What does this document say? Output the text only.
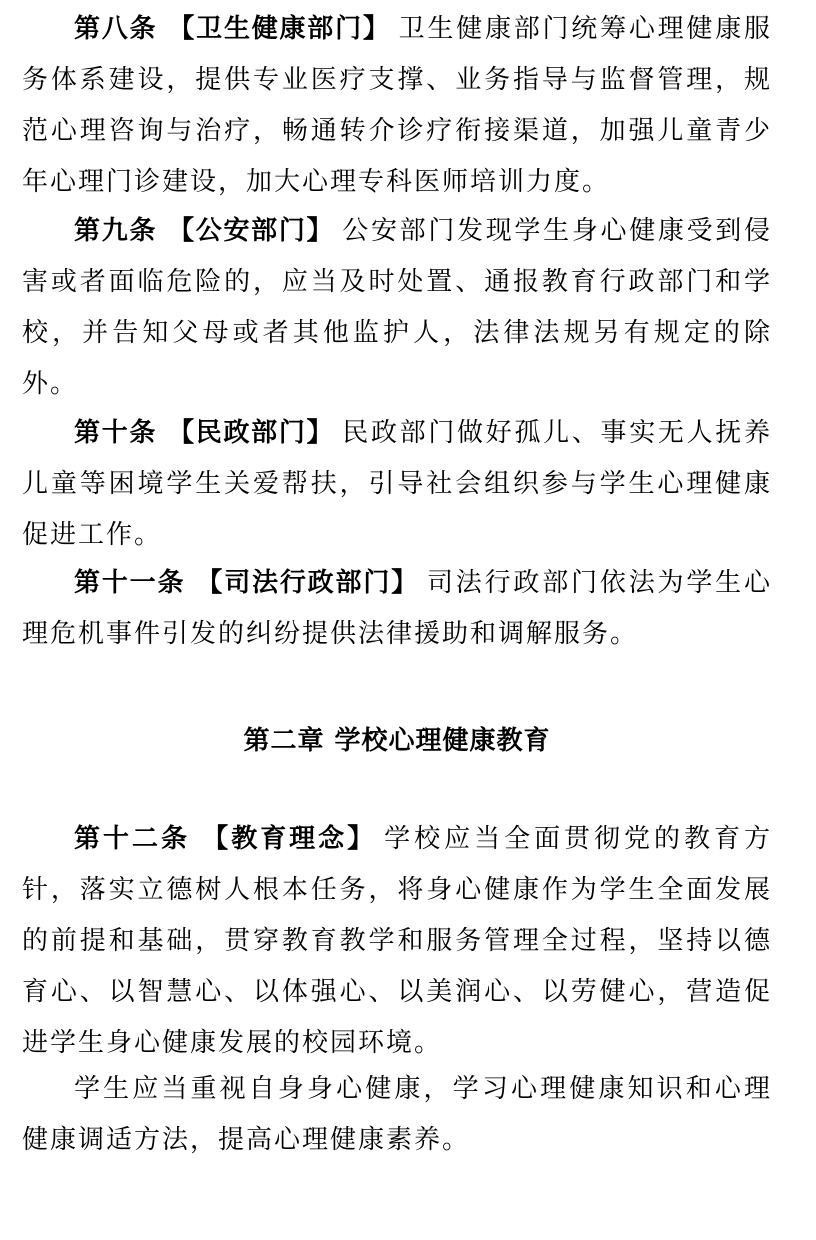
第八条 【卫生健康部门】 卫生健康部门统筹心理健康服务体系建设，提供专业医疗支撑、业务指导与监督管理，规范心理咨询与治疗，畅通转介诊疗衔接渠道，加强儿童青少年心理门诊建设，加大心理专科医师培训力度。

第九条 【公安部门】 公安部门发现学生身心健康受到侵害或者面临危险的，应当及时处置、通报教育行政部门和学校，并告知父母或者其他监护人，法律法规另有规定的除外。

第十条 【民政部门】 民政部门做好孤儿、事实无人抚养儿童等困境学生关爱帮扶，引导社会组织参与学生心理健康促进工作。

第十一条 【司法行政部门】 司法行政部门依法为学生心理危机事件引发的纠纷提供法律援助和调解服务。

第二章 学校心理健康教育

第十二条 【教育理念】 学校应当全面贯彻党的教育方针，落实立德树人根本任务，将身心健康作为学生全面发展的前提和基础，贯穿教育教学和服务管理全过程，坚持以德育心、以智慧心、以体强心、以美润心、以劳健心，营造促进学生身心健康发展的校园环境。

学生应当重视自身身心健康，学习心理健康知识和心理健康调适方法，提高心理健康素养。
